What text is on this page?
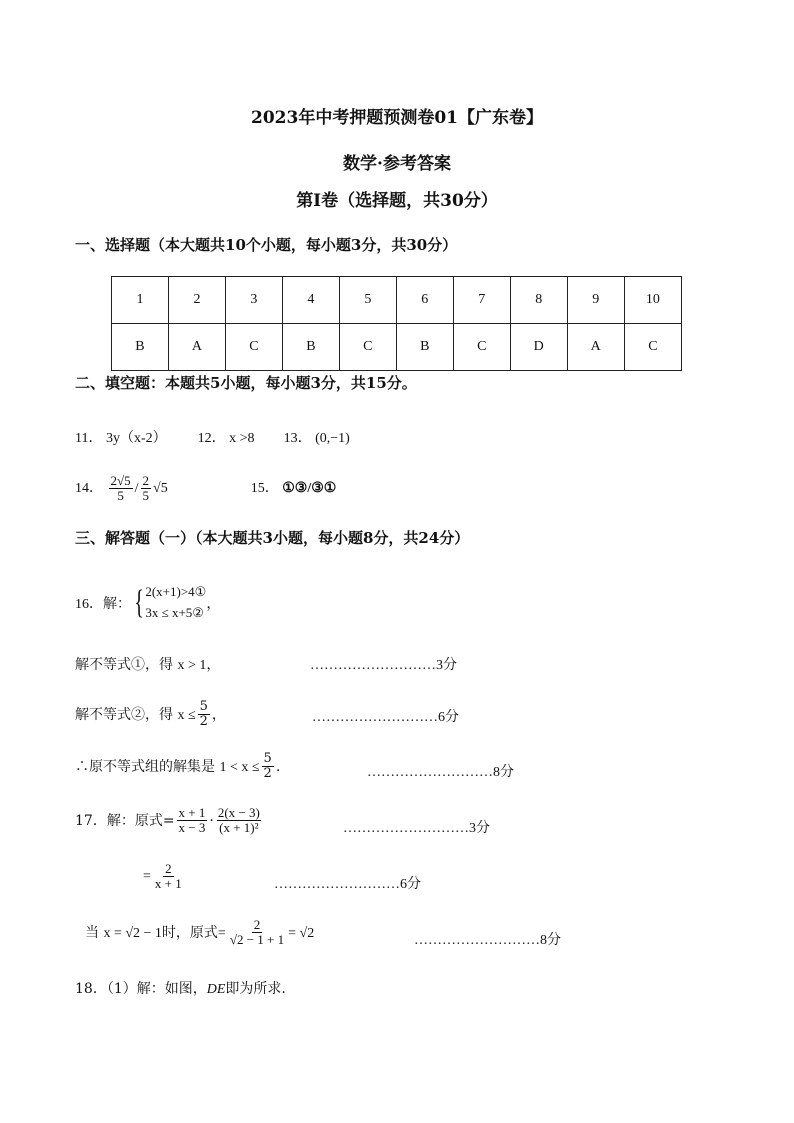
2023年中考押题预测卷01【广东卷】
数学·参考答案
第Ⅰ卷（选择题，共30分）
一、选择题（本大题共10个小题，每小题3分，共30分）
1	2	3	4	5	6	7	8	9	10
B	A	C	B	C	B	C	D	A	C
二、填空题：本题共5小题，每小题3分，共15分。
11． 3y（x-2） 12． x >8 13． (0,−1)
14． $\frac{2√5}{5} / \frac{2}{5} √5$	15． ①③/③①
三、解答题（一）（本大题共3小题，每小题8分，共24分）
16．解：{ 2(x+1)>4①
3x ≤ x+5②
，
解不等式①，得 x > 1，	………………………3分
解不等式②，得 $x \le \frac{5}{2}$ ，	………………………6分
∴原不等式组的解集是 $1 < x \le \frac{5}{2}$ .	………………………8分
17．解：原式= $\frac{x + 1}{x - 3} \cdot \frac{2(x - 3)}{\text{(x + 1)²}}$	………………………3分
= $\frac{2}{x + 1}$	………………………6分
当 x = √2 − 1时，原式= $\frac{2}{√2 - 1 + 1} = √2$	………………………8分
18．（1）解：如图，DE即为所求.
